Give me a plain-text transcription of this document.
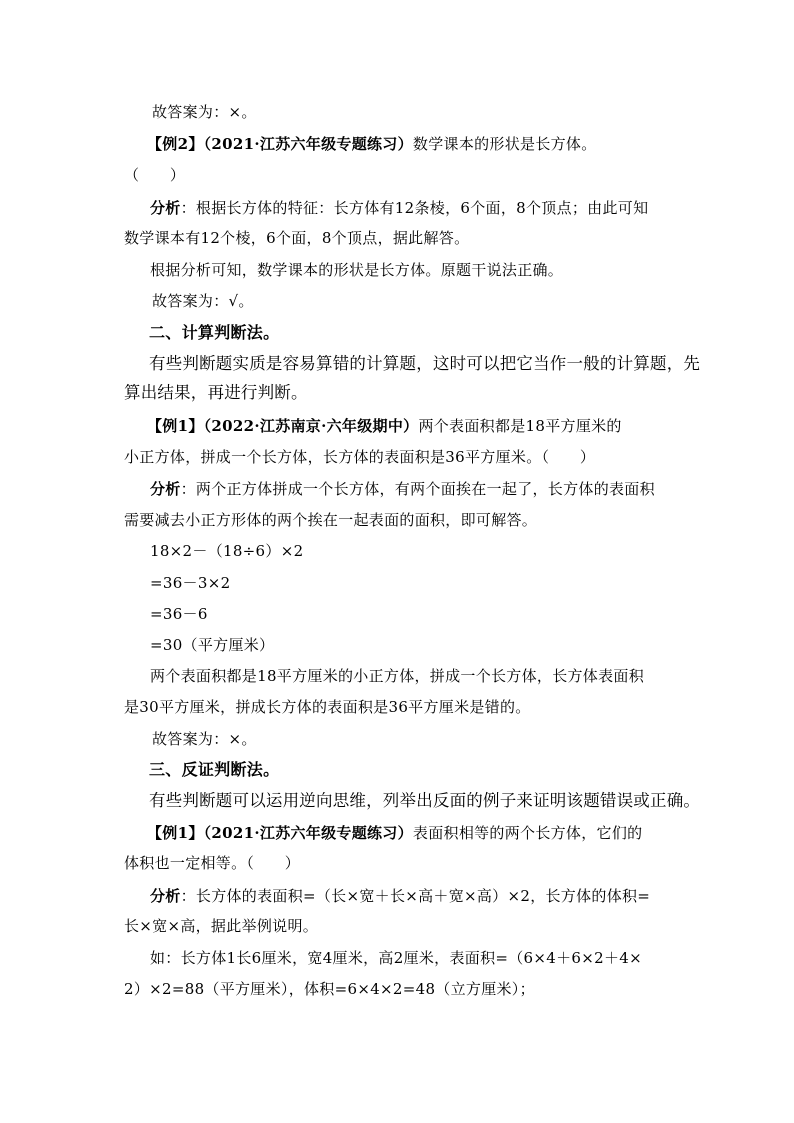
故答案为：×。
【例2】（2021·江苏六年级专题练习）数学课本的形状是长方体。
（　　）
分析：根据长方体的特征：长方体有12条棱，6个面，8个顶点；由此可知
数学课本有12个棱，6个面，8个顶点，据此解答。
根据分析可知，数学课本的形状是长方体。原题干说法正确。
故答案为：√。
二、计算判断法。
有些判断题实质是容易算错的计算题，这时可以把它当作一般的计算题，先
算出结果，再进行判断。
【例1】（2022·江苏南京·六年级期中）两个表面积都是18平方厘米的
小正方体，拼成一个长方体，长方体的表面积是36平方厘米。（　　）
分析：两个正方体拼成一个长方体，有两个面挨在一起了，长方体的表面积
需要减去小正方形体的两个挨在一起表面的面积，即可解答。
18×2－（18÷6）×2
=36－3×2
=36－6
=30（平方厘米）
两个表面积都是18平方厘米的小正方体，拼成一个长方体，长方体表面积
是30平方厘米，拼成长方体的表面积是36平方厘米是错的。
故答案为：×。
三、反证判断法。
有些判断题可以运用逆向思维，列举出反面的例子来证明该题错误或正确。
【例1】（2021·江苏六年级专题练习）表面积相等的两个长方体，它们的
体积也一定相等。（　　）
分析：长方体的表面积=（长×宽＋长×高＋宽×高）×2，长方体的体积=
长×宽×高，据此举例说明。
如：长方体1长6厘米，宽4厘米，高2厘米，表面积=（6×4＋6×2＋4×
2）×2=88（平方厘米），体积=6×4×2=48（立方厘米）；
